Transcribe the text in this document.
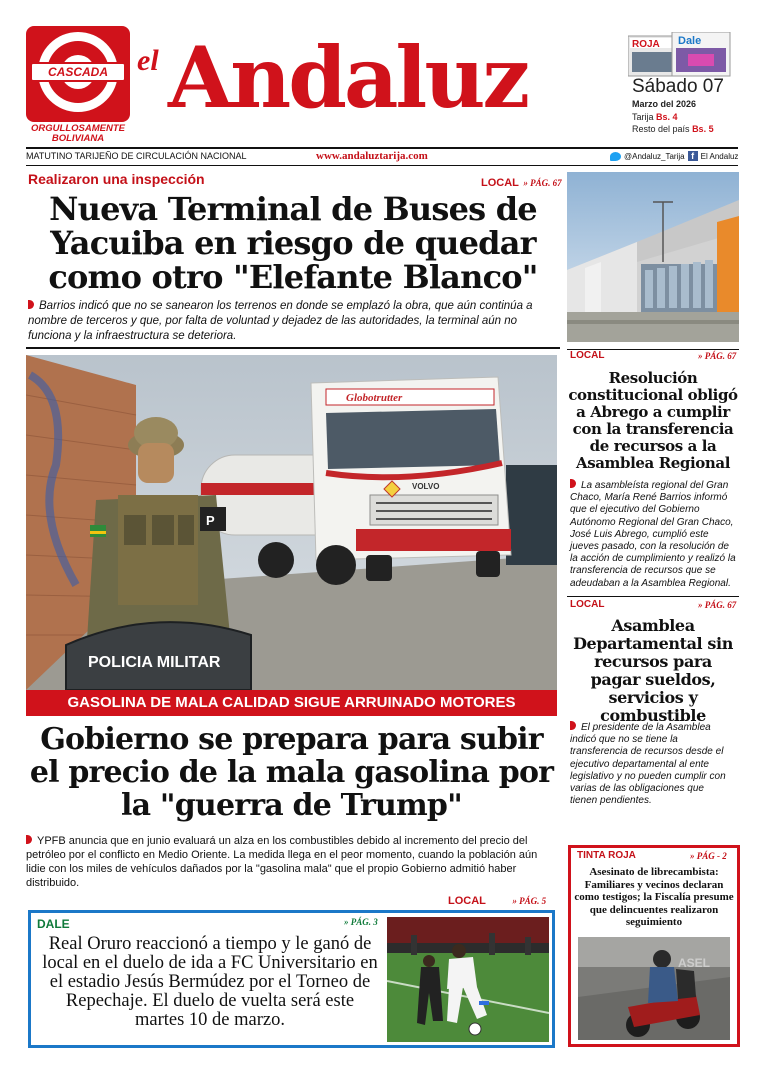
CASCADA
ORGULLOSAMENTE BOLIVIANA
el Andaluz	ROJA Dale
Sábado 07
Marzo del 2026
Tarija Bs. 4
Resto del país Bs. 5
MATUTINO TARIJEÑO DE CIRCULACIÓN NACIONAL	www.andaluztarija.com	@Andaluz_Tarija f El Andaluz
Realizaron una inspección	LOCAL » PÁG. 67
Nueva Terminal de Buses de Yacuiba en riesgo de quedar como otro "Elefante Blanco"
Barrios indicó que no se sanearon los terrenos en donde se emplazó la obra, que aún continúa a nombre de terceros y que, por falta de voluntad y dejadez de las autoridades, la terminal aún no funciona y la infraestructura se deteriora.
Globotrutter
VOLVO
P
POLICIA MILITAR
GASOLINA DE MALA CALIDAD SIGUE ARRUINADO MOTORES
Gobierno se prepara para subir el precio de la mala gasolina por la "guerra de Trump"
YPFB anuncia que en junio evaluará un alza en los combustibles debido al incremento del precio del petróleo por el conflicto en Medio Oriente. La medida llega en el peor momento, cuando la población aún lidie con los miles de vehículos dañados por la "gasolina mala" que el propio Gobierno admitió haber distribuido.
LOCAL	» PÁG. 5
LOCAL	» PÁG. 67
Resolución constitucional obligó a Abrego a cumplir con la transferencia de recursos a la Asamblea Regional
La asambleísta regional del Gran Chaco, María René Barrios informó que el ejecutivo del Gobierno Autónomo Regional del Gran Chaco, José Luis Abrego, cumplió este jueves pasado, con la resolución de la acción de cumplimiento y realizó la transferencia de recursos que se adeudaban a la Asamblea Regional.
LOCAL	» PÁG. 67
Asamblea Departamental sin recursos para pagar sueldos, servicios y combustible
El presidente de la Asamblea indicó que no se tiene la transferencia de recursos desde el ejecutivo departamental al ente legislativo y no pueden cumplir con varias de las obligaciones que tienen pendientes.
TINTA ROJA	» PÁG - 2
Asesinato de librecambista: Familiares y vecinos declaran como testigos; la Fiscalía presume que delincuentes realizaron seguimiento
ASEL
DALE	» PÁG. 3
Real Oruro reaccionó a tiempo y le ganó de local en el duelo de ida a FC Universitario en el estadio Jesús Bermúdez por el Torneo de Repechaje. El duelo de vuelta será este martes 10 de marzo.
